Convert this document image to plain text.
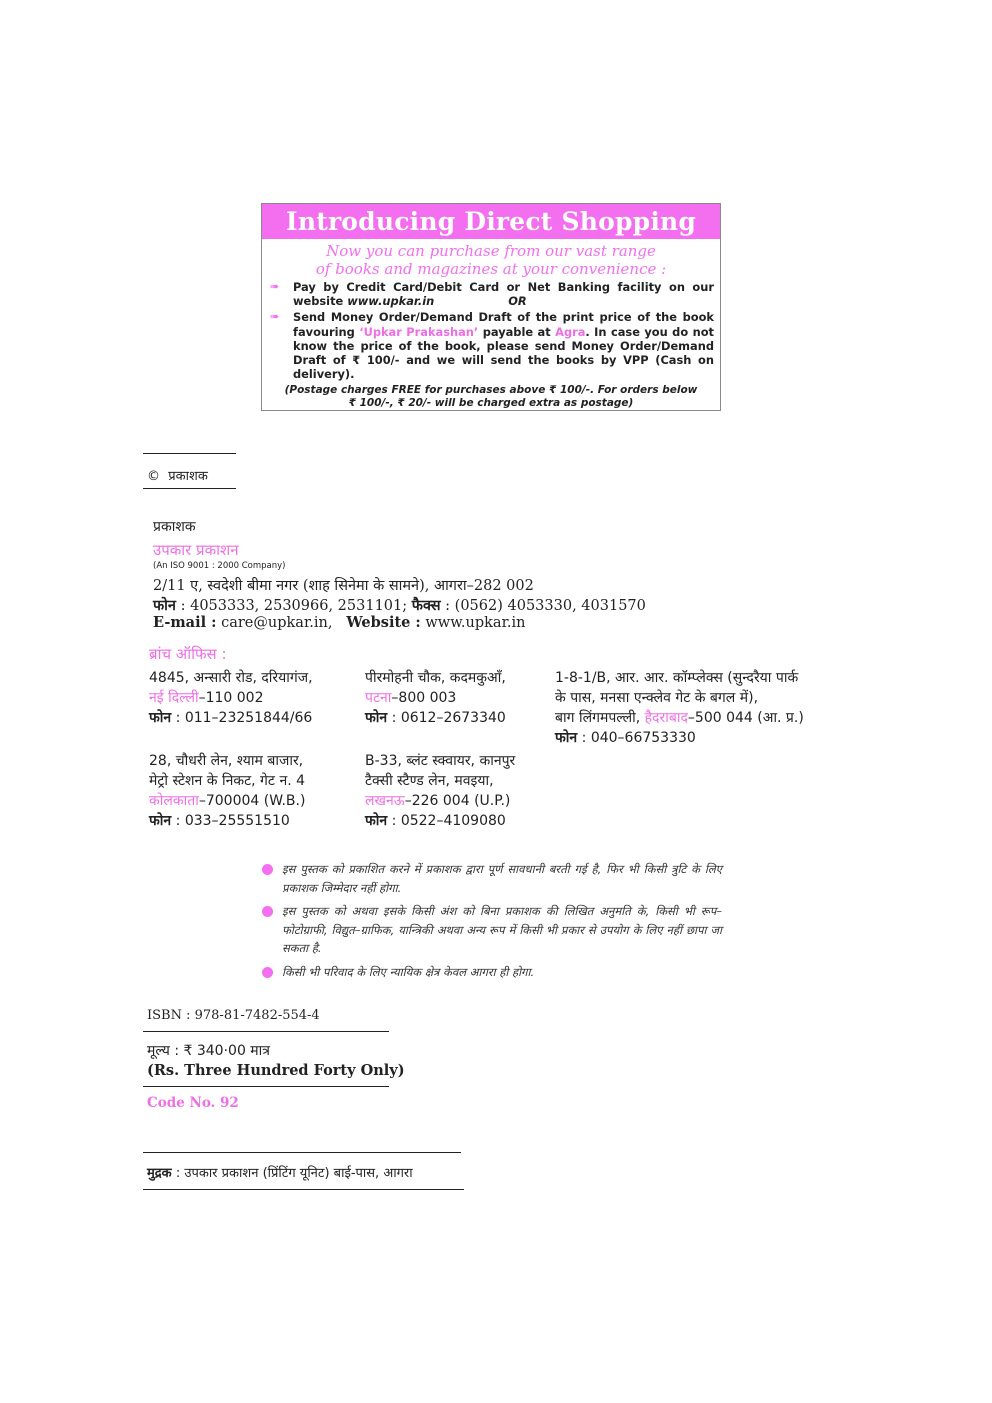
Introducing Direct Shopping
Now you can purchase from our vast range
of books and magazines at your convenience :
➠ Pay by Credit Card/Debit Card or Net Banking facility on our website www.upkar.in	OR
➠ Send Money Order/Demand Draft of the print price of the book favouring ‘Upkar Prakashan’ payable at Agra. In case you do not know the price of the book, please send Money Order/Demand Draft of ₹ 100/- and we will send the books by VPP (Cash on delivery).
(Postage charges FREE for purchases above ₹ 100/-. For orders below
₹ 100/-, ₹ 20/- will be charged extra as postage)
© प्रकाशक
प्रकाशक
उपकार प्रकाशन
(An ISO 9001 : 2000 Company)
2/11 ए, स्वदेशी बीमा नगर (शाह सिनेमा के सामने), आगरा–282 002
फोन : 4053333, 2530966, 2531101; फैक्स : (0562) 4053330, 4031570
E-mail : care@upkar.in, Website : www.upkar.in
ब्रांच ऑफिस :
4845, अन्सारी रोड, दरियागंज,
नई दिल्ली–110 002
फोन : 011–23251844/66
पीरमोहनी चौक, कदमकुआँ,
पटना–800 003
फोन : 0612–2673340
1-8-1/B, आर. आर. कॉम्प्लेक्स (सुन्दरैया पार्क
के पास, मनसा एन्क्लेव गेट के बगल में),
बाग लिंगमपल्ली, हैदराबाद–500 044 (आ. प्र.)
फोन : 040–66753330
28, चौधरी लेन, श्याम बाजार,
मेट्रो स्टेशन के निकट, गेट न. 4
कोलकाता–700004 (W.B.)
फोन : 033–25551510
B-33, ब्लंट स्क्वायर, कानपुर
टैक्सी स्टैण्ड लेन, मवइया,
लखनऊ–226 004 (U.P.)
फोन : 0522–4109080
इस पुस्तक को प्रकाशित करने में प्रकाशक द्वारा पूर्ण सावधानी बरती गई है, फिर भी किसी त्रुटि के लिए प्रकाशक जिम्मेदार नहीं होगा.
इस पुस्तक को अथवा इसके किसी अंश को बिना प्रकाशक की लिखित अनुमति के, किसी भी रूप–फोटोग्राफी, विद्युत–ग्राफिक, यान्त्रिकी अथवा अन्य रूप में किसी भी प्रकार से उपयोग के लिए नहीं छापा जा सकता है.
किसी भी परिवाद के लिए न्यायिक क्षेत्र केवल आगरा ही होगा.
ISBN : 978-81-7482-554-4
मूल्य : ₹ 340·00 मात्र
(Rs. Three Hundred Forty Only)
Code No. 92
मुद्रक : उपकार प्रकाशन (प्रिंटिंग यूनिट) बाई-पास, आगरा
